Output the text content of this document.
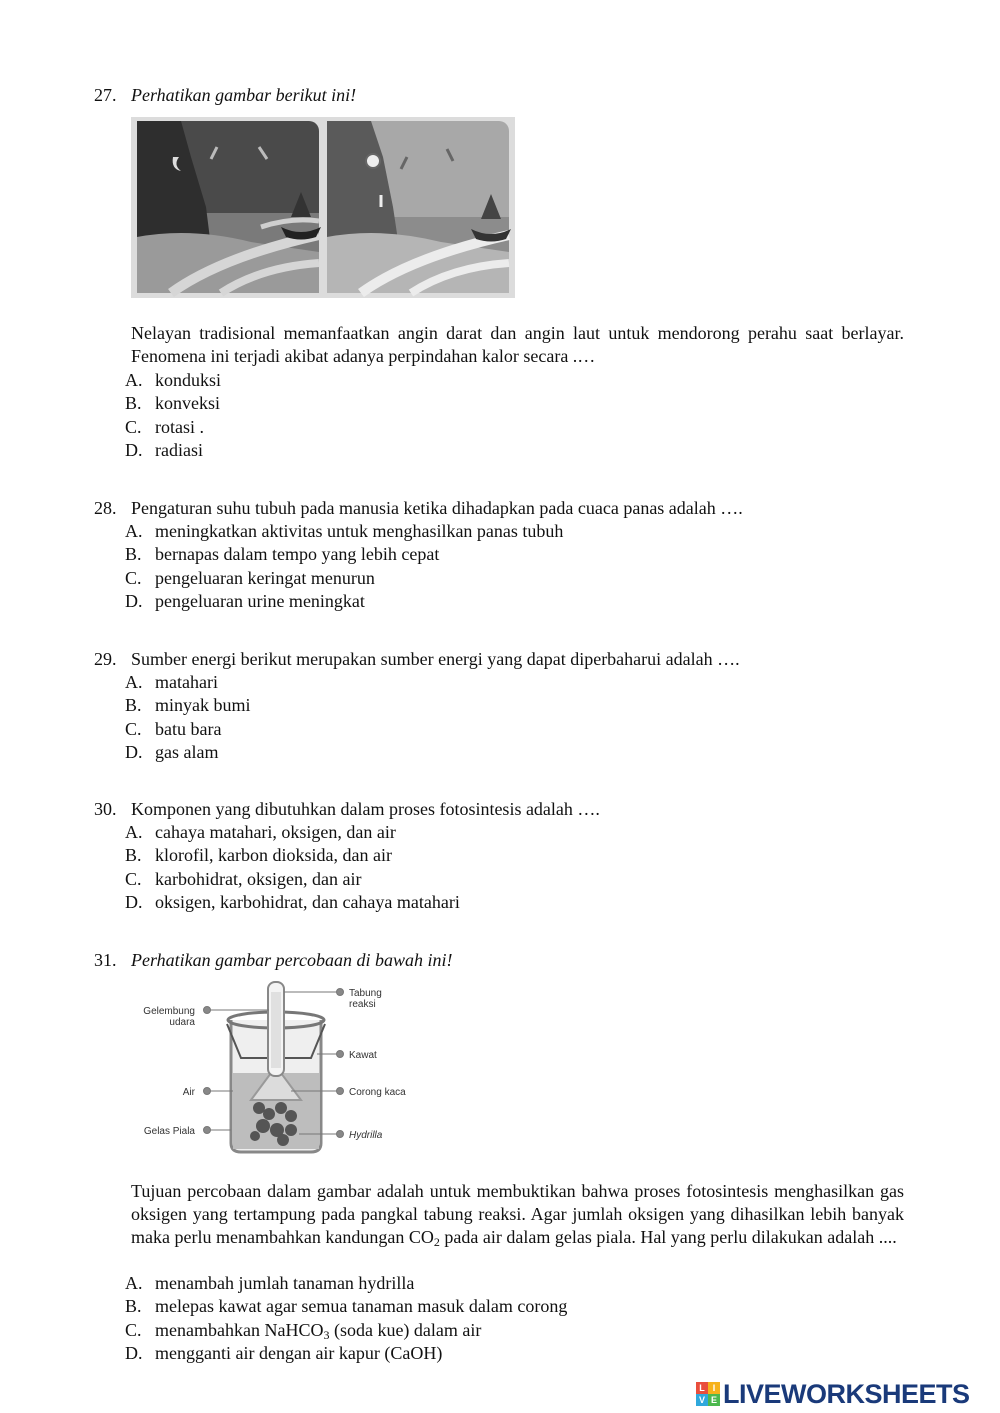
27. Perhatikan gambar berikut ini!

Nelayan tradisional memanfaatkan angin darat dan angin laut untuk mendorong perahu saat berlayar. Fenomena ini terjadi akibat adanya perpindahan kalor secara .…

A. konduksi
B. konveksi
C. rotasi .
D. radiasi
28. Pengaturan suhu tubuh pada manusia ketika dihadapkan pada cuaca panas adalah ….
A. meningkatkan aktivitas untuk menghasilkan panas tubuh
B. bernapas dalam tempo yang lebih cepat
C. pengeluaran keringat menurun
D. pengeluaran urine meningkat
29. Sumber energi berikut merupakan sumber energi yang dapat diperbaharui adalah ….
A. matahari
B. minyak bumi
C. batu bara
D. gas alam
30. Komponen yang dibutuhkan dalam proses fotosintesis adalah ….
A. cahaya matahari, oksigen, dan air
B. klorofil, karbon dioksida, dan air
C. karbohidrat, oksigen, dan air
D. oksigen, karbohidrat, dan cahaya matahari
31. Perhatikan gambar percobaan di bawah ini!
Tabung
reaksi
Gelembung
udara
Kawat
Air	Corong kaca
Gelas Piala	Hydrilla

Tujuan percobaan dalam gambar adalah untuk membuktikan bahwa proses fotosintesis menghasilkan gas oksigen yang tertampung pada pangkal tabung reaksi. Agar jumlah oksigen yang dihasilkan lebih banyak maka perlu menambahkan kandungan $CO_2$ pada air dalam gelas piala. Hal yang perlu dilakukan adalah ....

A. menambah jumlah tanaman hydrilla
B. melepas kawat agar semua tanaman masuk dalam corong
C. menambahkan NaHCO$_3$ (soda kue) dalam air
D. mengganti air dengan air kapur (CaOH)
L I
V E LIVEWORKSHEETS
